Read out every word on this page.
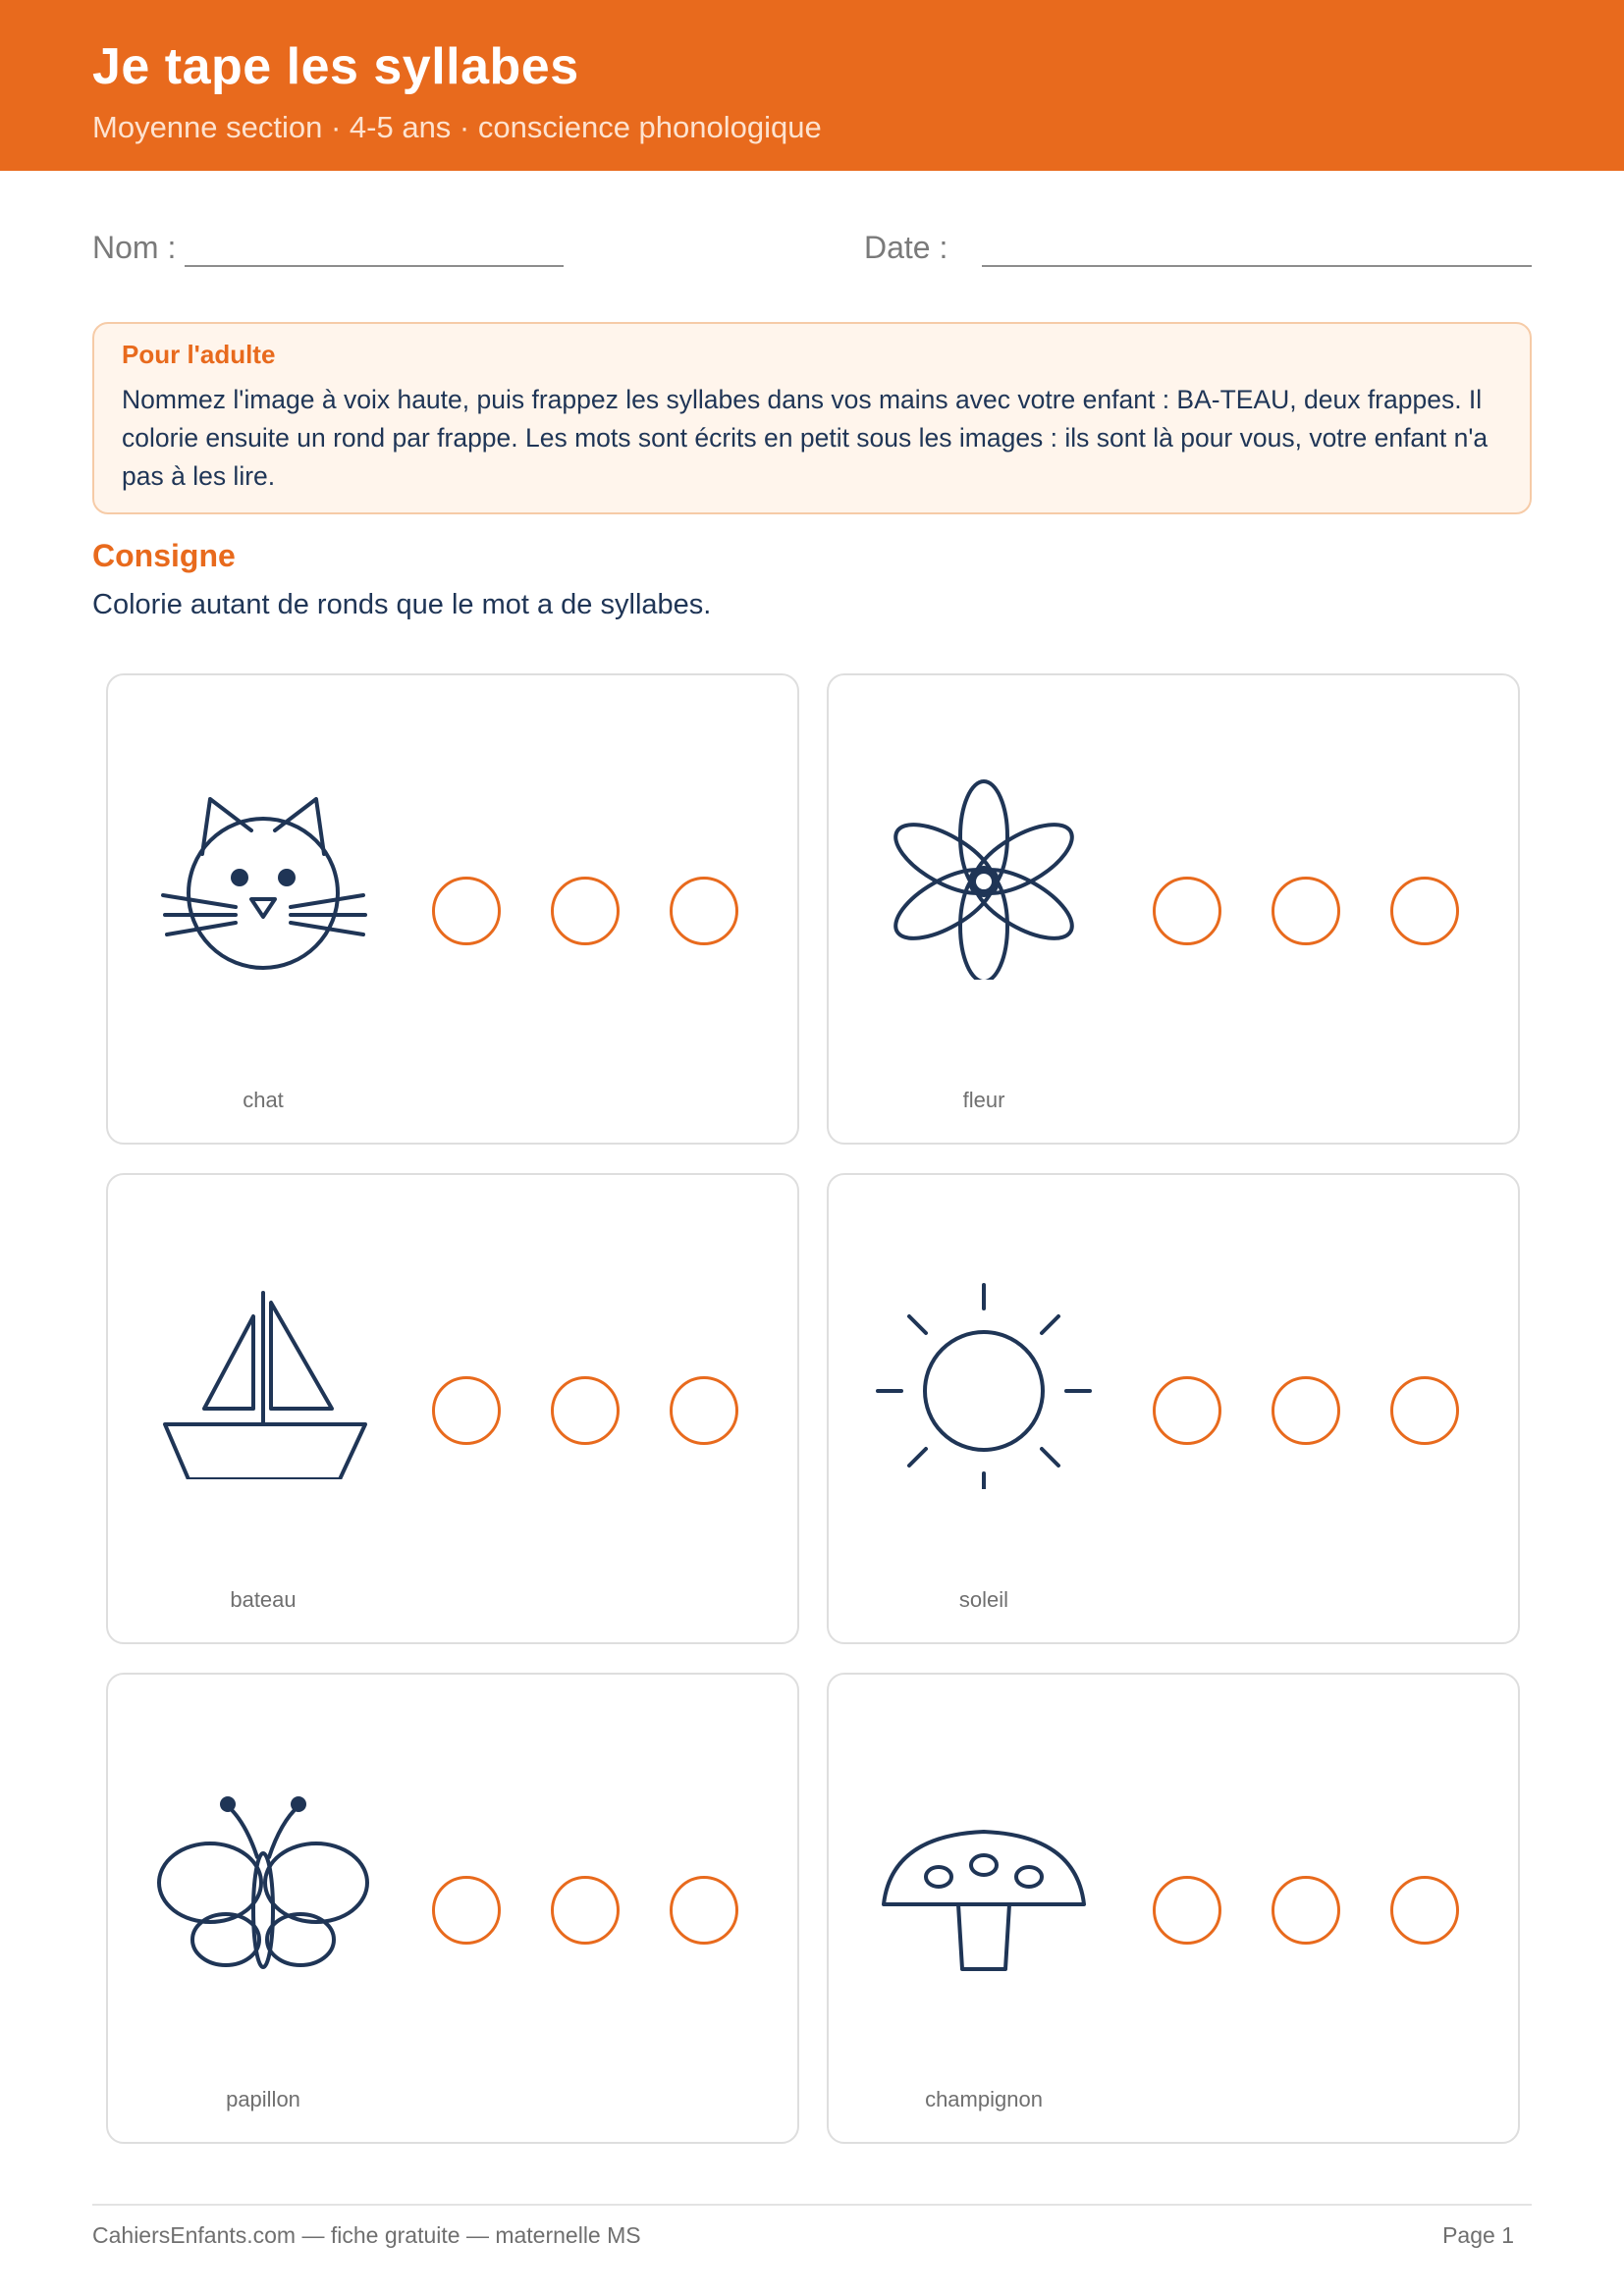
Je tape les syllabes
Moyenne section · 4-5 ans · conscience phonologique
Nom :	Date :
Pour l'adulte
Nommez l'image à voix haute, puis frappez les syllabes dans vos mains avec votre enfant : BA-TEAU, deux frappes. Il colorie ensuite un rond par frappe. Les mots sont écrits en petit sous les images : ils sont là pour vous, votre enfant n'a pas à les lire.
Consigne
Colorie autant de ronds que le mot a de syllabes.
chat	fleur
bateau	soleil
papillon	champignon
CahiersEnfants.com — fiche gratuite — maternelle MS	Page 1
